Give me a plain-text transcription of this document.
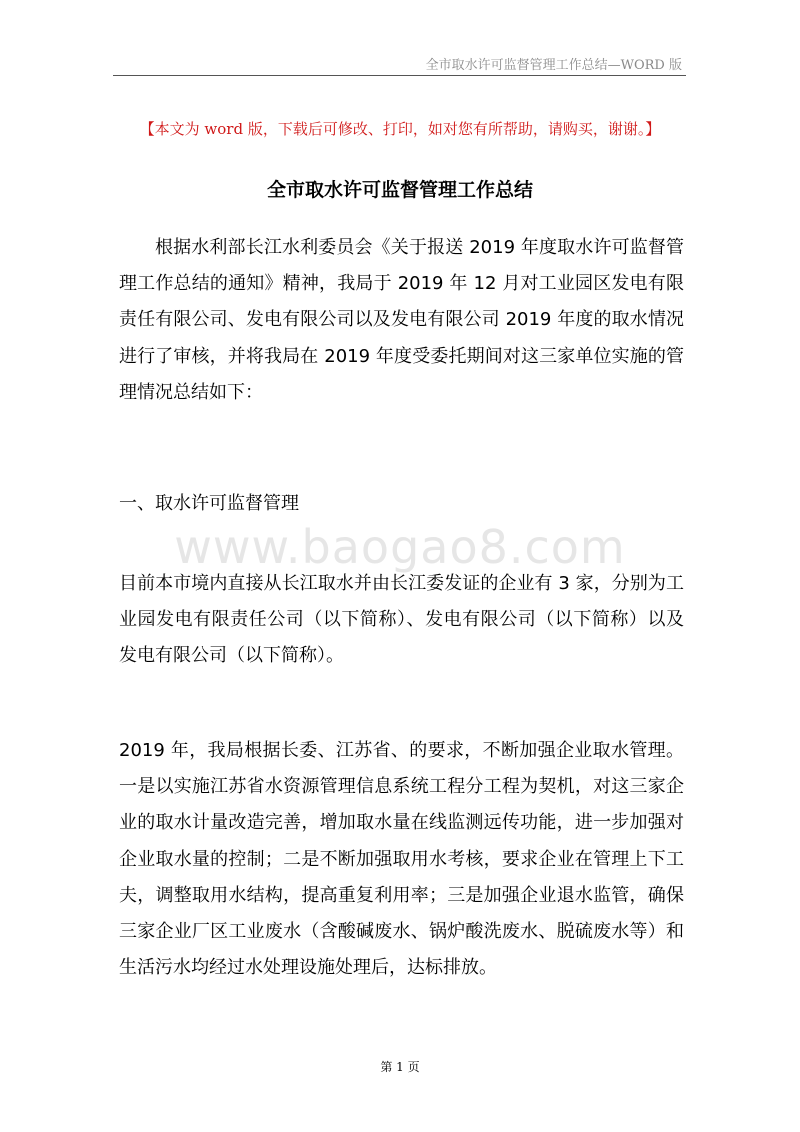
全市取水许可监督管理工作总结—WORD 版
【本文为 word 版，下载后可修改、打印，如对您有所帮助，请购买，谢谢。】
全市取水许可监督管理工作总结

根据水利部长江水利委员会《关于报送 2019 年度取水许可监督管理工作总结的通知》精神，我局于 2019 年 12 月对工业园区发电有限责任有限公司、发电有限公司以及发电有限公司 2019 年度的取水情况进行了审核，并将我局在 2019 年度受委托期间对这三家单位实施的管理情况总结如下：

一、取水许可监督管理
www.baogao8.com

目前本市境内直接从长江取水并由长江委发证的企业有 3 家，分别为工业园发电有限责任公司（以下简称）、发电有限公司（以下简称）以及发电有限公司（以下简称）。

2019 年，我局根据长委、江苏省、的要求，不断加强企业取水管理。一是以实施江苏省水资源管理信息系统工程分工程为契机，对这三家企业的取水计量改造完善，增加取水量在线监测远传功能，进一步加强对企业取水量的控制；二是不断加强取用水考核，要求企业在管理上下工夫，调整取用水结构，提高重复利用率；三是加强企业退水监管，确保三家企业厂区工业废水（含酸碱废水、锅炉酸洗废水、脱硫废水等）和生活污水均经过水处理设施处理后，达标排放。

第 1 页
